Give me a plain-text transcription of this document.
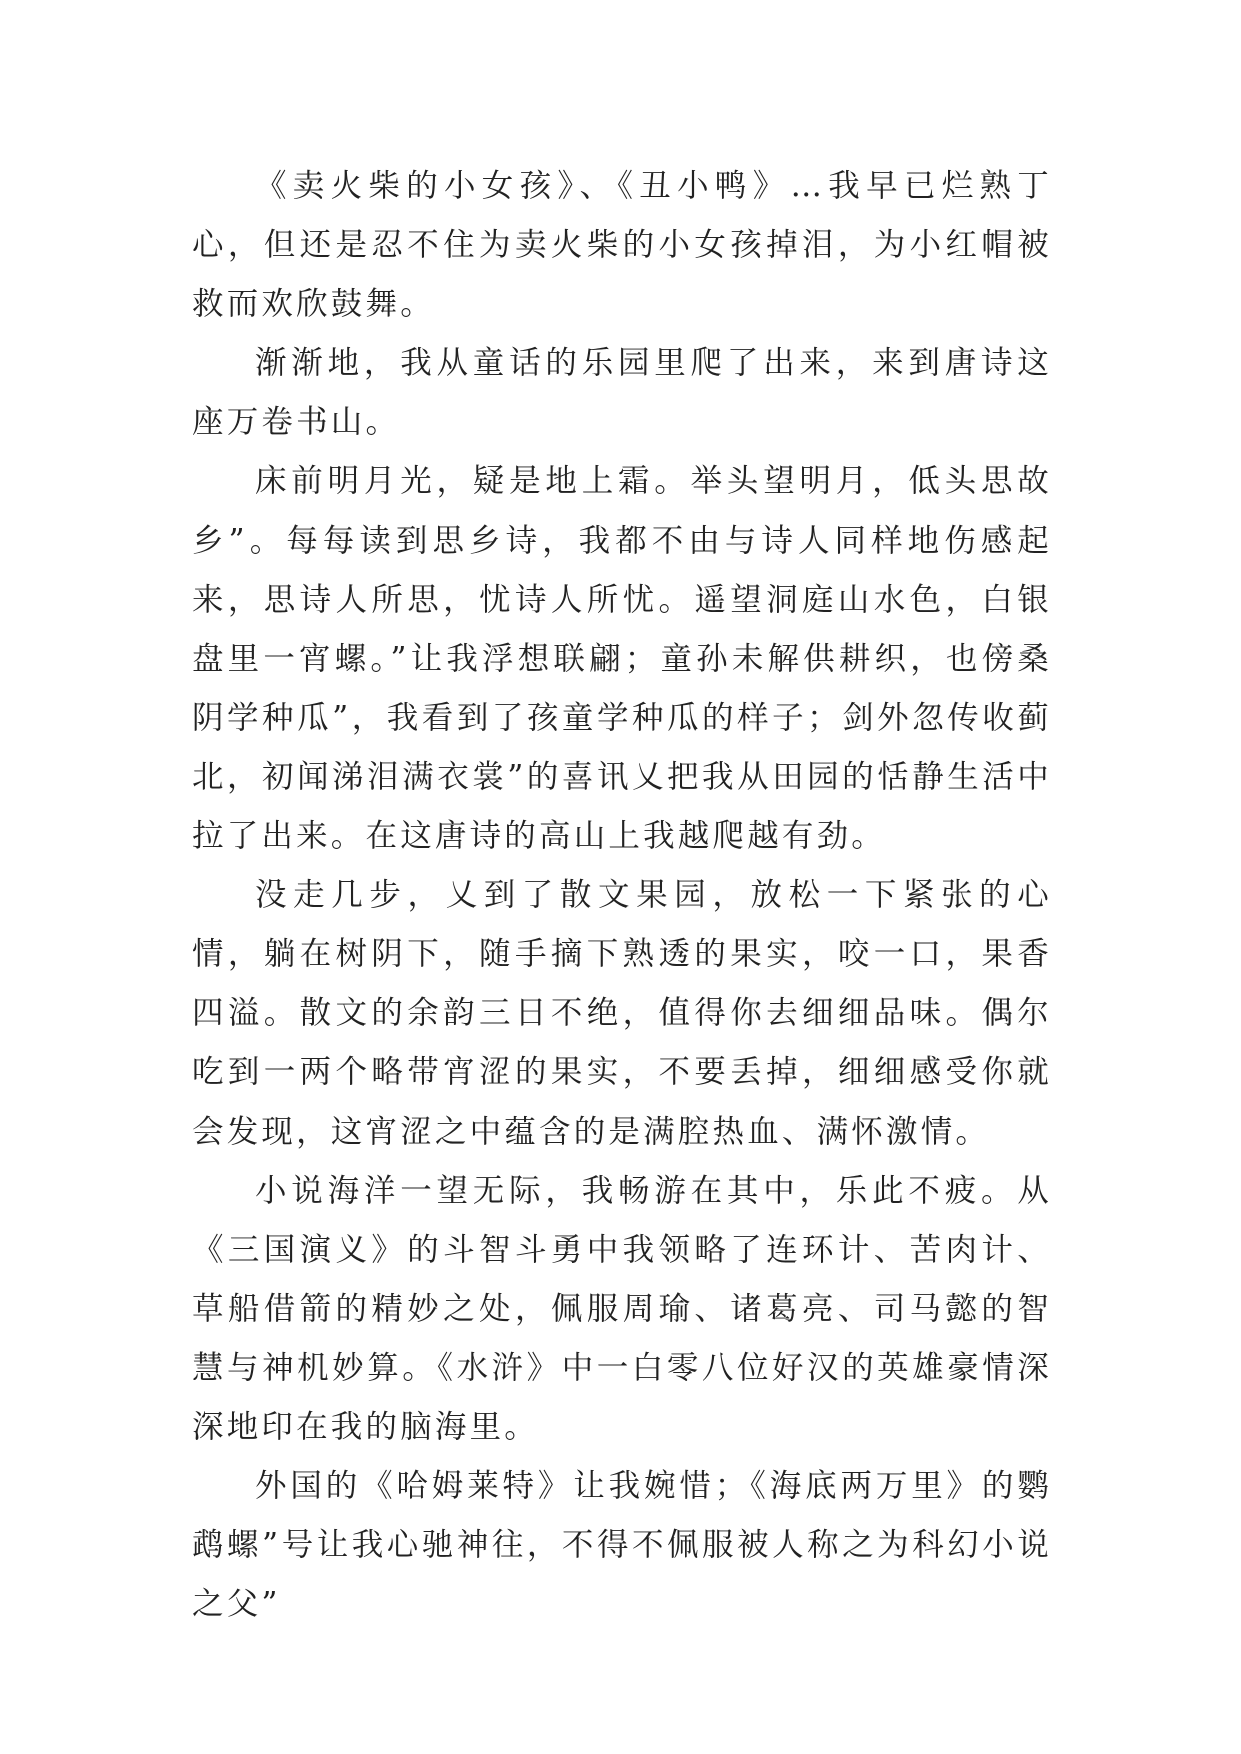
《卖火柴的小女孩》、《丑小鸭》…我早已烂熟丁心，但还是忍不住为卖火柴的小女孩掉泪，为小红帽被救而欢欣鼓舞。

渐渐地，我从童话的乐园里爬了出来，来到唐诗这座万卷书山。

床前明月光，疑是地上霜。举头望明月，低头思故乡”。每每读到思乡诗，我都不由与诗人同样地伤感起来，思诗人所思，忧诗人所忧。遥望洞庭山水色，白银盘里一宵螺。”让我浮想联翩；童孙未解供耕织，也傍桑阴学种瓜”，我看到了孩童学种瓜的样子；剑外忽传收蓟北，初闻涕泪满衣裳”的喜讯乂把我从田园的恬静生活中拉了出来。在这唐诗的高山上我越爬越有劲。

没走几步，乂到了散文果园，放松一下紧张的心情，躺在树阴下，随手摘下熟透的果实，咬一口，果香四溢。散文的余韵三日不绝，值得你去细细品味。偶尔吃到一两个略带宵涩的果实，不要丢掉，细细感受你就会发现，这宵涩之中蕴含的是满腔热血、满怀激情。

小说海洋一望无际，我畅游在其中，乐此不疲。从《三国演义》的斗智斗勇中我领略了连环计、苦肉计、草船借箭的精妙之处，佩服周瑜、诸葛亮、司马懿的智慧与神机妙算。《水浒》中一白零八位好汉的英雄豪情深深地印在我的脑海里。

外国的《哈姆莱特》让我婉惜；《海底两万里》的鹦鹉螺”号让我心驰神往，不得不佩服被人称之为科幻小说之父”
